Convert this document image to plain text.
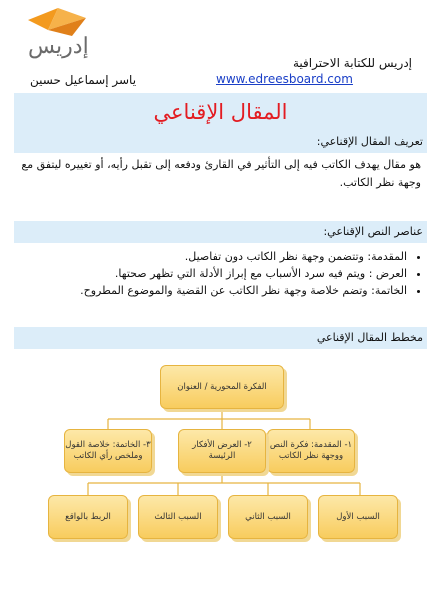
إدريس
إدريس للكتابة الاحترافية
www.edreesboard.com
ياسر إسماعيل حسين
المقال الإقناعي
تعريف المقال الإقناعي:
هو مقال يهدف الكاتب فيه إلى التأثير في القارئ ودفعه إلى تقبل رأيه، أو تغييره ليتفق مع وجهة نظر الكاتب.
عناصر النص الإقناعي:
• المقدمة: وتتضمن وجهة نظر الكاتب دون تفاصيل.
• العرض : ويتم فيه سرد الأسباب مع إبراز الأدلة التي تظهر صحتها.
• الخاتمة: وتضم خلاصة وجهة نظر الكاتب عن القضية والموضوع المطروح.
مخطط المقال الإقناعي
الفكرة المحورية / العنوان
١- المقدمة: فكرة النص ووجهة نظر الكاتب
٢- العرض الأفكار الرئيسة
٣- الخاتمة: خلاصة القول وملخص رأي الكاتب
السبب الأول
السبب الثاني
السبب الثالث
الربط بالواقع
